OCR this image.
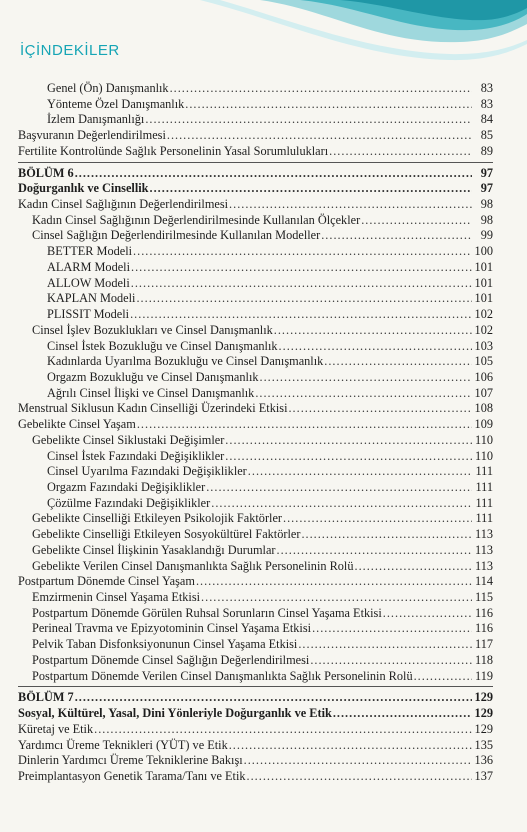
İÇİNDEKİLER
Genel (Ön) Danışmanlık .....	83
Yönteme Özel Danışmanlık .....	83
İzlem Danışmanlığı .....	84
Başvuranın Değerlendirilmesi .....	85
Fertilite Kontrolünde Sağlık Personelinin Yasal Sorumlulukları .....	89
BÖLÜM 6 .....	97
Doğurganlık ve Cinsellik .....	97
Kadın Cinsel Sağlığının Değerlendirilmesi .....	98
Kadın Cinsel Sağlığının Değerlendirilmesinde Kullanılan Ölçekler .....	98
Cinsel Sağlığın Değerlendirilmesinde Kullanılan Modeller .....	99
BETTER Modeli .....	100
ALARM Modeli .....	101
ALLOW Modeli .....	101
KAPLAN Modeli .....	101
PLISSIT Modeli .....	102
Cinsel İşlev Bozuklukları ve Cinsel Danışmanlık .....	102
Cinsel İstek Bozukluğu ve Cinsel Danışmanlık .....	103
Kadınlarda Uyarılma Bozukluğu ve Cinsel Danışmanlık .....	105
Orgazm Bozukluğu ve Cinsel Danışmanlık .....	106
Ağrılı Cinsel İlişki ve Cinsel Danışmanlık .....	107
Menstrual Siklusun Kadın Cinselliği Üzerindeki Etkisi .....	108
Gebelikte Cinsel Yaşam .....	109
Gebelikte Cinsel Siklustaki Değişimler .....	110
Cinsel İstek Fazındaki Değişiklikler .....	110
Cinsel Uyarılma Fazındaki Değişiklikler .....	111
Orgazm Fazındaki Değişiklikler .....	111
Çözülme Fazındaki Değişiklikler .....	111
Gebelikte Cinselliği Etkileyen Psikolojik Faktörler .....	111
Gebelikte Cinselliği Etkileyen Sosyokültürel Faktörler .....	113
Gebelikte Cinsel İlişkinin Yasaklandığı Durumlar .....	113
Gebelikte Verilen Cinsel Danışmanlıkta Sağlık Personelinin Rolü .....	113
Postpartum Dönemde Cinsel Yaşam .....	114
Emzirmenin Cinsel Yaşama Etkisi .....	115
Postpartum Dönemde Görülen Ruhsal Sorunların Cinsel Yaşama Etkisi .....	116
Perineal Travma ve Epizyotominin Cinsel Yaşama Etkisi .....	116
Pelvik Taban Disfonksiyonunun Cinsel Yaşama Etkisi .....	117
Postpartum Dönemde Cinsel Sağlığın Değerlendirilmesi .....	118
Postpartum Dönemde Verilen Cinsel Danışmanlıkta Sağlık Personelinin Rolü .....	119
BÖLÜM 7 .....	129
Sosyal, Kültürel, Yasal, Dini Yönleriyle Doğurganlık ve Etik .....	129
Küretaj ve Etik .....	129
Yardımcı Üreme Teknikleri (YÜT) ve Etik .....	135
Dinlerin Yardımcı Üreme Tekniklerine Bakışı .....	136
Preimplantasyon Genetik Tarama/Tanı ve Etik .....	137
